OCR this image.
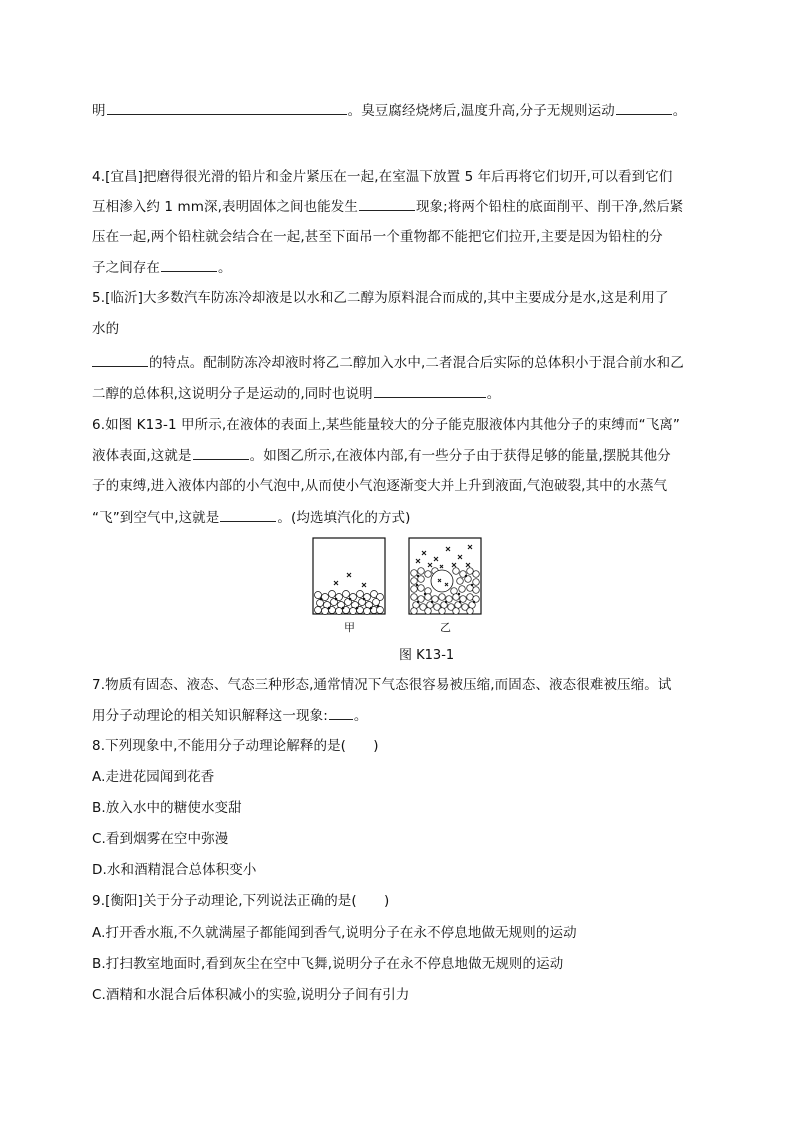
明	。臭豆腐经烧烤后,温度升高,分子无规则运动	。
4.[宜昌]把磨得很光滑的铅片和金片紧压在一起,在室温下放置 5 年后再将它们切开,可以看到它们
互相渗入约 1 mm深,表明固体之间也能发生	现象;将两个铅柱的底面削平、削干净,然后紧
压在一起,两个铅柱就会结合在一起,甚至下面吊一个重物都不能把它们拉开,主要是因为铅柱的分
子之间存在	。
5.[临沂]大多数汽车防冻冷却液是以水和乙二醇为原料混合而成的,其中主要成分是水,这是利用了
水的
的特点。配制防冻冷却液时将乙二醇加入水中,二者混合后实际的总体积小于混合前水和乙
二醇的总体积,这说明分子是运动的,同时也说明	。
6.如图 K13-1 甲所示,在液体的表面上,某些能量较大的分子能克服液体内其他分子的束缚而“飞离”
液体表面,这就是	。如图乙所示,在液体内部,有一些分子由于获得足够的能量,摆脱其他分
子的束缚,进入液体内部的小气泡中,从而使小气泡逐渐变大并上升到液面,气泡破裂,其中的水蒸气
“飞”到空气中,这就是	。(均选填汽化的方式)
甲	乙
图 K13-1
7.物质有固态、液态、气态三种形态,通常情况下气态很容易被压缩,而固态、液态很难被压缩。试
用分子动理论的相关知识解释这一现象: 。
8.下列现象中,不能用分子动理论解释的是(　　)
A.走进花园闻到花香
B.放入水中的糖使水变甜
C.看到烟雾在空中弥漫
D.水和酒精混合总体积变小
9.[衡阳]关于分子动理论,下列说法正确的是(　　)
A.打开香水瓶,不久就满屋子都能闻到香气,说明分子在永不停息地做无规则的运动
B.打扫教室地面时,看到灰尘在空中飞舞,说明分子在永不停息地做无规则的运动
C.酒精和水混合后体积减小的实验,说明分子间有引力
